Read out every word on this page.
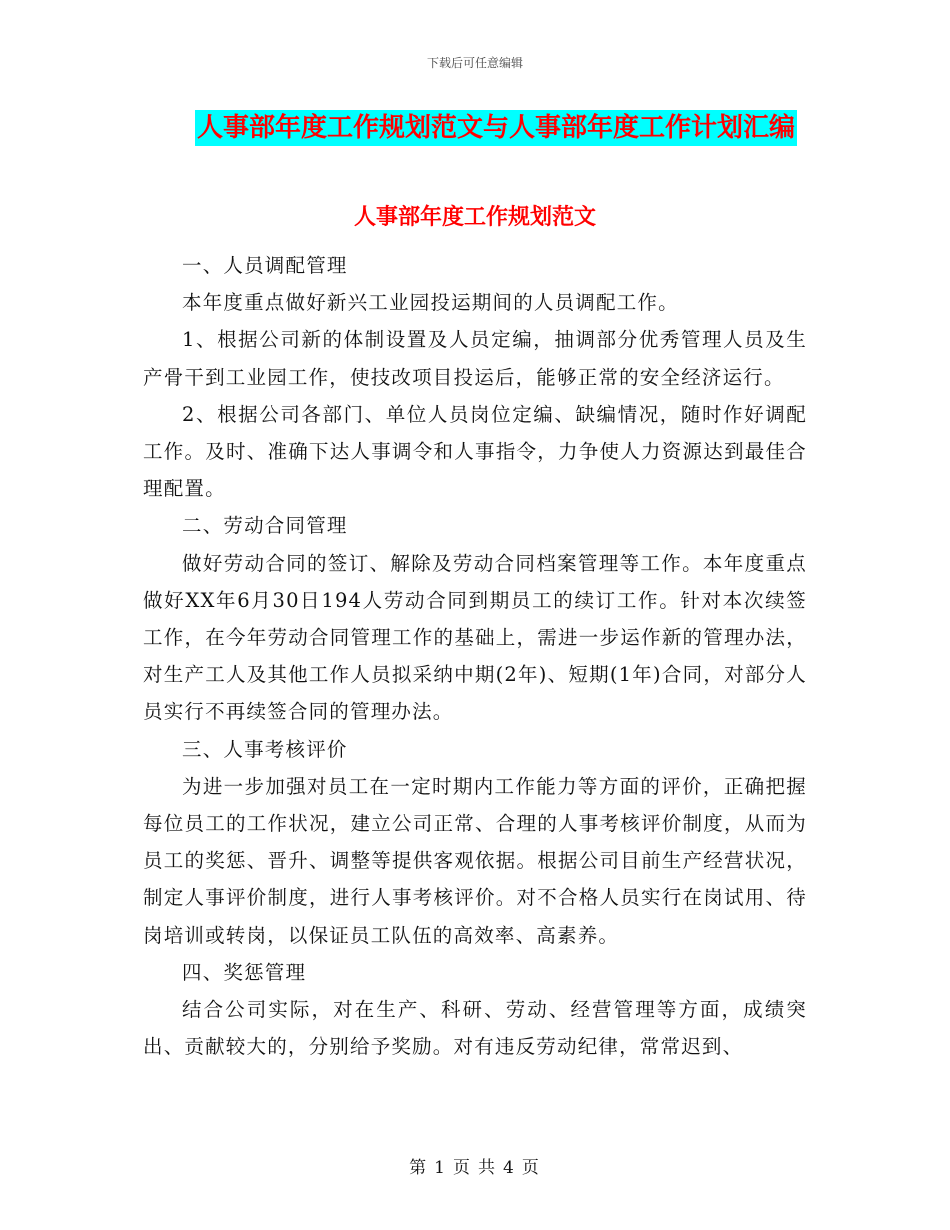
下载后可任意编辑
人事部年度工作规划范文与人事部年度工作计划汇编
人事部年度工作规划范文

一、人员调配管理

本年度重点做好新兴工业园投运期间的人员调配工作。

1、根据公司新的体制设置及人员定编，抽调部分优秀管理人员及生产骨干到工业园工作，使技改项目投运后，能够正常的安全经济运行。

2、根据公司各部门、单位人员岗位定编、缺编情况，随时作好调配工作。及时、准确下达人事调令和人事指令，力争使人力资源达到最佳合理配置。

二、劳动合同管理

做好劳动合同的签订、解除及劳动合同档案管理等工作。本年度重点做好XX年6月30日194人劳动合同到期员工的续订工作。针对本次续签工作，在今年劳动合同管理工作的基础上，需进一步运作新的管理办法，对生产工人及其他工作人员拟采纳中期(2年)、短期(1年)合同，对部分人员实行不再续签合同的管理办法。

三、人事考核评价

为进一步加强对员工在一定时期内工作能力等方面的评价，正确把握每位员工的工作状况，建立公司正常、合理的人事考核评价制度，从而为员工的奖惩、晋升、调整等提供客观依据。根据公司目前生产经营状况，制定人事评价制度，进行人事考核评价。对不合格人员实行在岗试用、待岗培训或转岗，以保证员工队伍的高效率、高素养。

四、奖惩管理

结合公司实际，对在生产、科研、劳动、经营管理等方面，成绩突出、贡献较大的，分别给予奖励。对有违反劳动纪律，常常迟到、

第 1 页 共 4 页
